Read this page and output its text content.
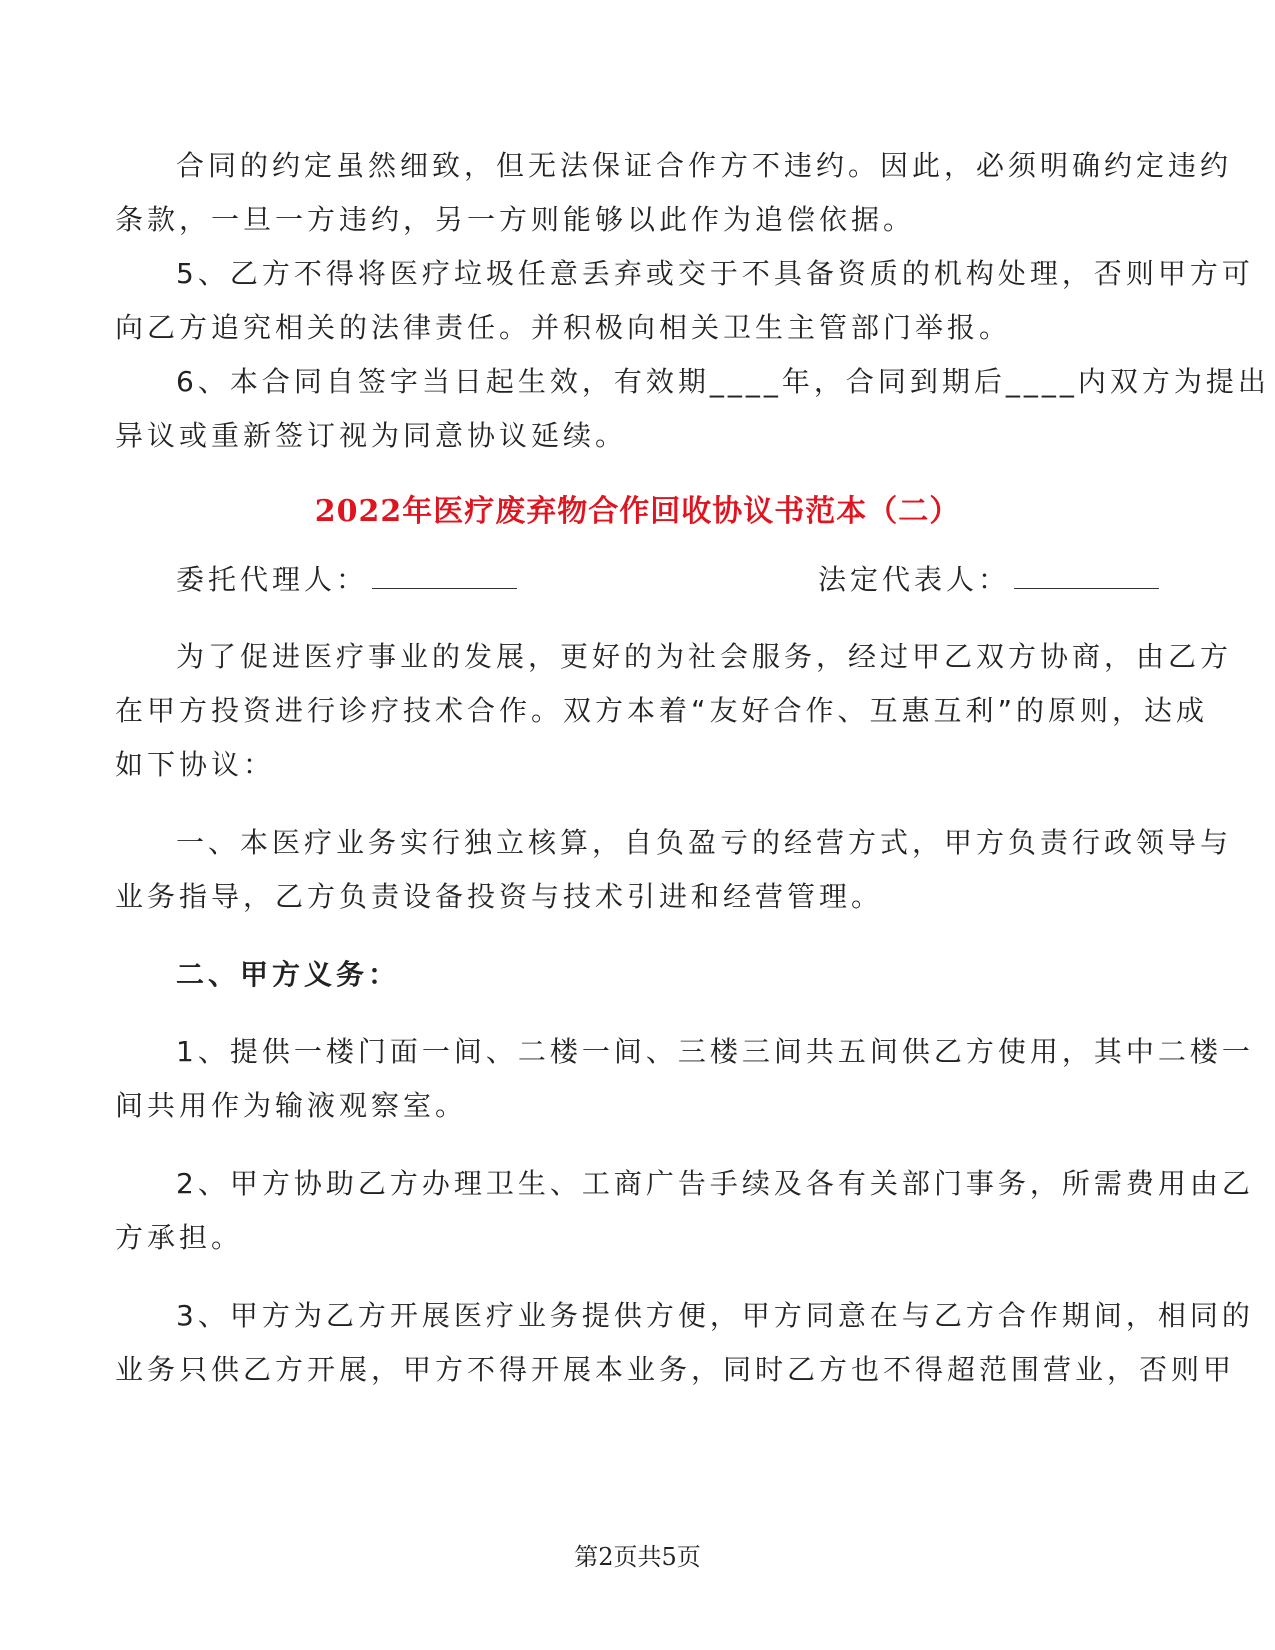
合同的约定虽然细致，但无法保证合作方不违约。因此，必须明确约定违约
条款，一旦一方违约，另一方则能够以此作为追偿依据。
5、乙方不得将医疗垃圾任意丢弃或交于不具备资质的机构处理，否则甲方可
向乙方追究相关的法律责任。并积极向相关卫生主管部门举报。
6、本合同自签字当日起生效，有效期____年，合同到期后____内双方为提出
异议或重新签订视为同意协议延续。
2022年医疗废弃物合作回收协议书范本（二）
委托代理人：	法定代表人：
为了促进医疗事业的发展，更好的为社会服务，经过甲乙双方协商，由乙方
在甲方投资进行诊疗技术合作。双方本着“友好合作、互惠互利”的原则，达成
如下协议：
一、本医疗业务实行独立核算，自负盈亏的经营方式，甲方负责行政领导与
业务指导，乙方负责设备投资与技术引进和经营管理。
二、甲方义务：
1、提供一楼门面一间、二楼一间、三楼三间共五间供乙方使用，其中二楼一
间共用作为输液观察室。
2、甲方协助乙方办理卫生、工商广告手续及各有关部门事务，所需费用由乙
方承担。
3、甲方为乙方开展医疗业务提供方便，甲方同意在与乙方合作期间，相同的
业务只供乙方开展，甲方不得开展本业务，同时乙方也不得超范围营业，否则甲
第2页共5页
